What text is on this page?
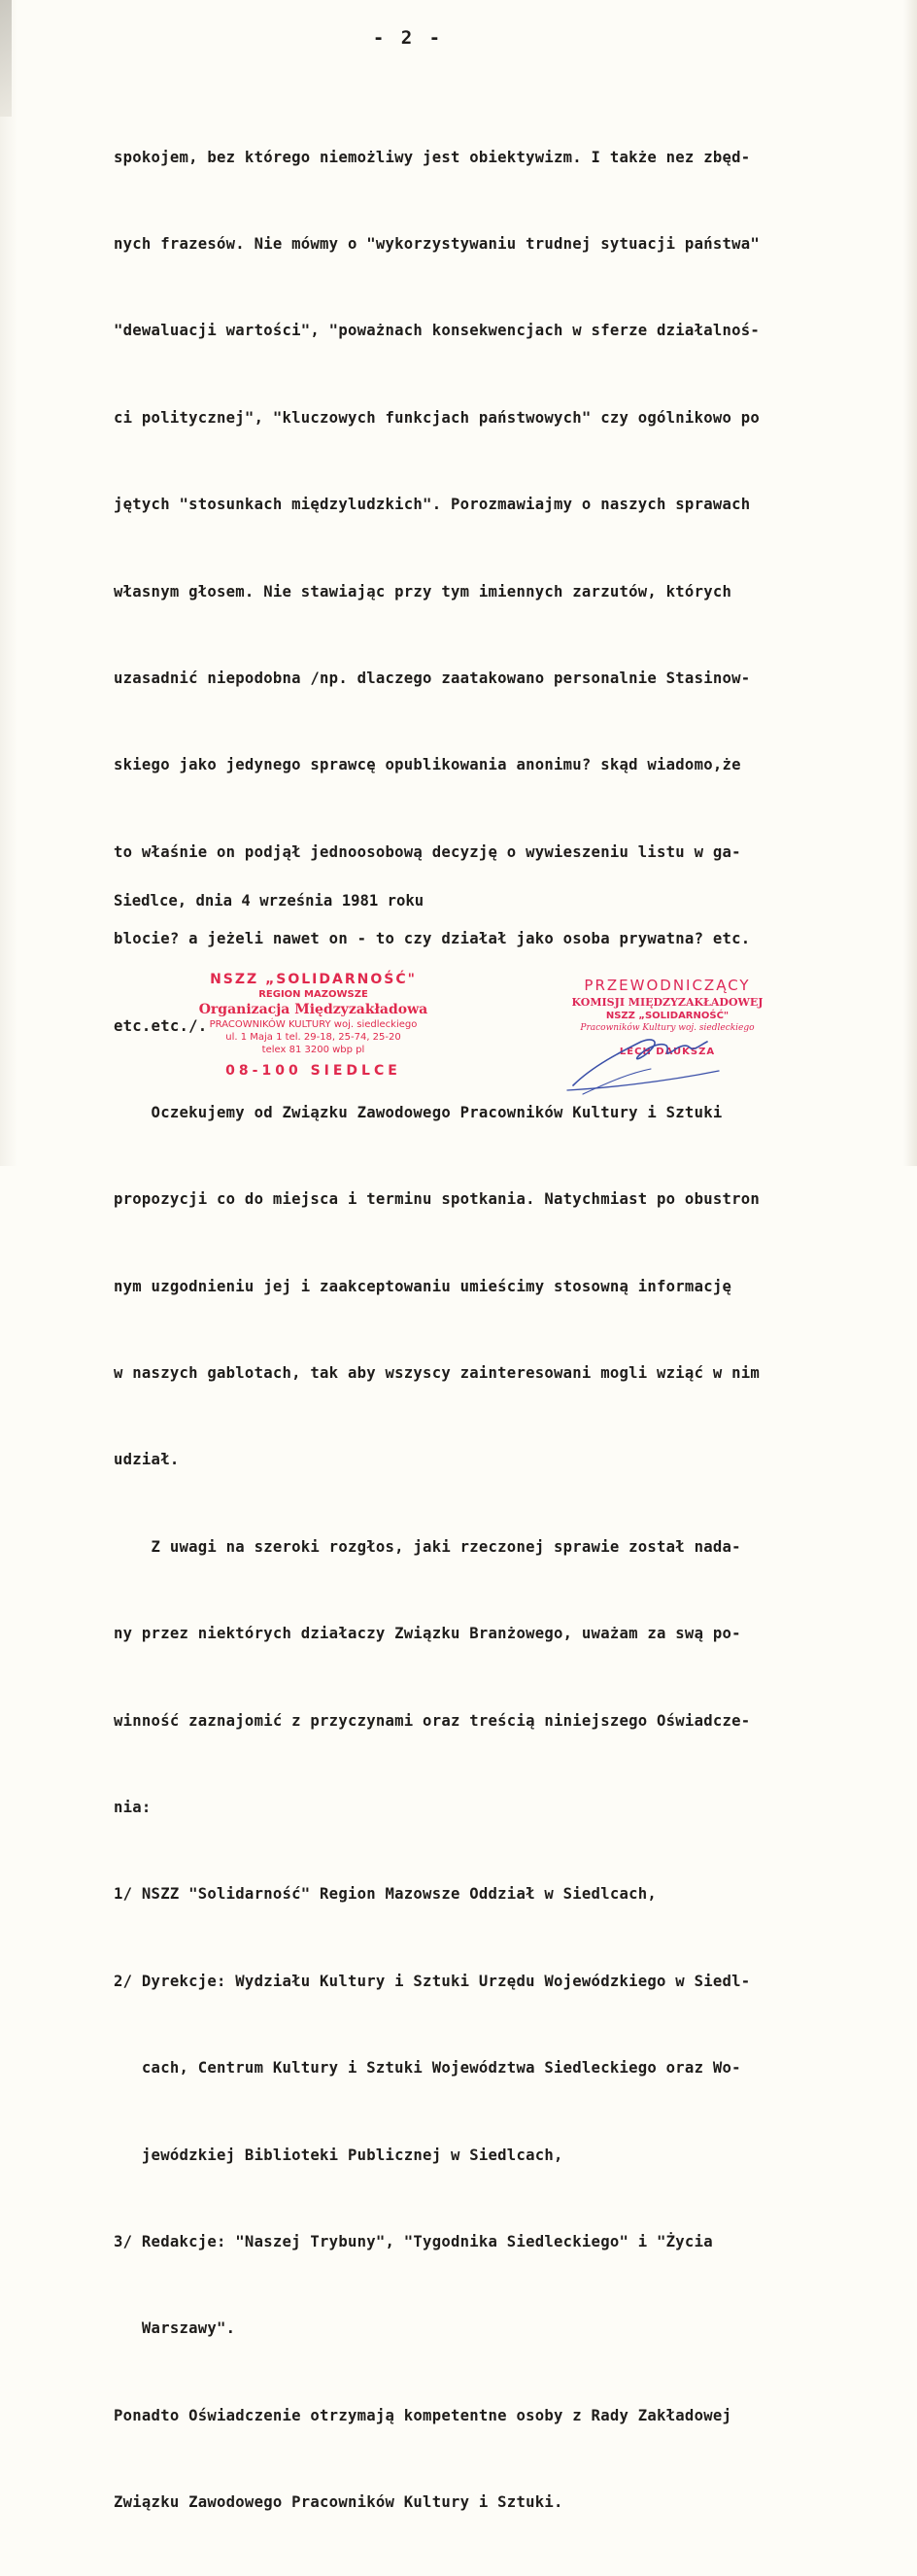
- 2 -

spokojem, bez którego niemożliwy jest obiektywizm. I także nez zbęd-

nych frazesów. Nie mówmy o "wykorzystywaniu trudnej sytuacji państwa"

"dewaluacji wartości", "poważnach konsekwencjach w sferze działalnoś-

ci politycznej", "kluczowych funkcjach państwowych" czy ogólnikowo po

jętych "stosunkach międzyludzkich". Porozmawiajmy o naszych sprawach

własnym głosem. Nie stawiając przy tym imiennych zarzutów, których

uzasadnić niepodobna /np. dlaczego zaatakowano personalnie Stasinow-

skiego jako jedynego sprawcę opublikowania anonimu? skąd wiadomo,że

to właśnie on podjął jednoosobową decyzję o wywieszeniu listu w ga-

blocie? a jeżeli nawet on - to czy działał jako osoba prywatna? etc.

etc.etc./.

Oczekujemy od Związku Zawodowego Pracowników Kultury i Sztuki

propozycji co do miejsca i terminu spotkania. Natychmiast po obustron

nym uzgodnieniu jej i zaakceptowaniu umieścimy stosowną informację

w naszych gablotach, tak aby wszyscy zainteresowani mogli wziąć w nim

udział.

Z uwagi na szeroki rozgłos, jaki rzeczonej sprawie został nada-

ny przez niektórych działaczy Związku Branżowego, uważam za swą po-

winność zaznajomić z przyczynami oraz treścią niniejszego Oświadcze-

nia:

1/ NSZZ "Solidarność" Region Mazowsze Oddział w Siedlcach,

2/ Dyrekcje: Wydziału Kultury i Sztuki Urzędu Wojewódzkiego w Siedl-

cach, Centrum Kultury i Sztuki Województwa Siedleckiego oraz Wo-

jewódzkiej Biblioteki Publicznej w Siedlcach,

3/ Redakcje: "Naszej Trybuny", "Tygodnika Siedleckiego" i "Życia

Warszawy".

Ponadto Oświadczenie otrzymają kompetentne osoby z Rady Zakładowej

Związku Zawodowego Pracowników Kultury i Sztuki.

Siedlce, dnia 4 września 1981 roku
NSZZ „SOLIDARNOŚĆ"
REGION MAZOWSZE
Organizacja Międzyzakładowa
PRACOWNIKÓW KULTURY woj. siedleckiego
ul. 1 Maja 1 tel. 29-18, 25-74, 25-20
telex 81 3200 wbp pl
08-100 SIEDLCE
PRZEWODNICZĄCY
KOMISJI MIĘDZYZAKŁADOWEJ
NSZZ „SOLIDARNOŚĆ"
Pracowników Kultury woj. siedleckiego
LECH DAUKSZA
